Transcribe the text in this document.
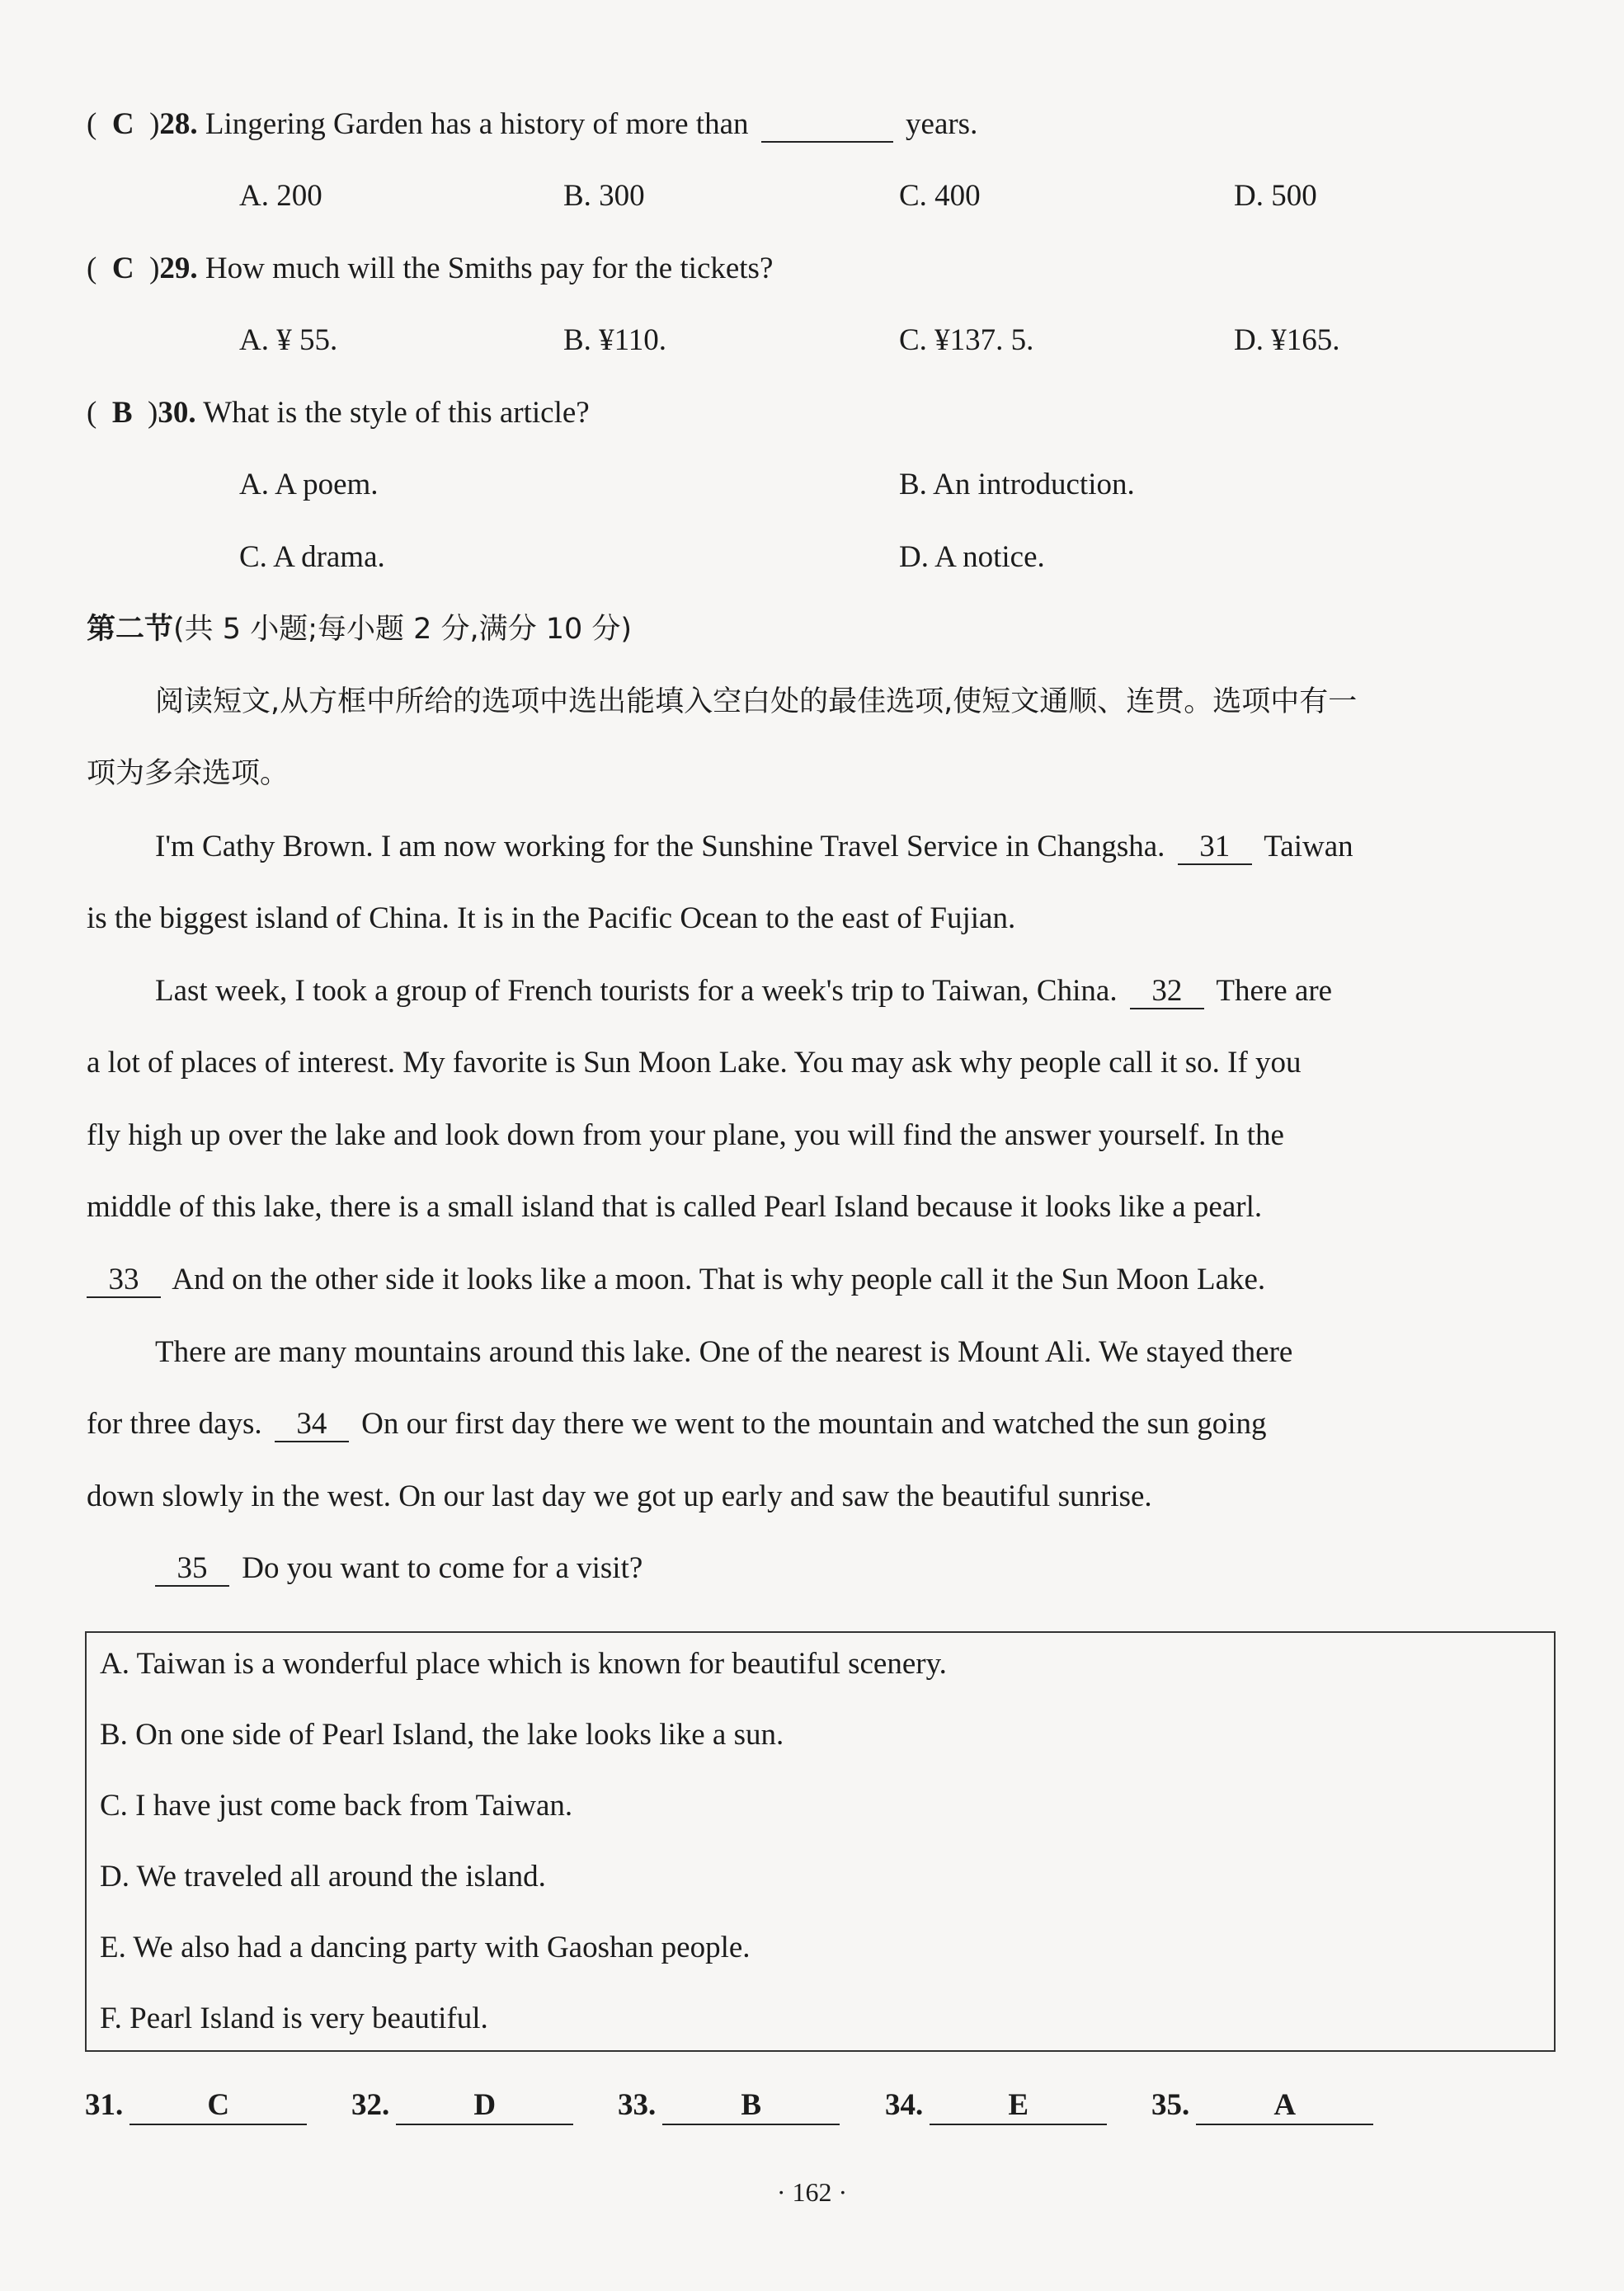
(  C  )28. Lingering Garden has a history of more than	years.
A. 200	B. 300	C. 400	D. 500
(  C  )29. How much will the Smiths pay for the tickets?
A. ¥ 55.	B. ¥110.	C. ¥137. 5.	D. ¥165.
(  B  )30. What is the style of this article?
A. A poem.	B. An introduction.
C. A drama.	D. A notice.
第二节(共 5 小题;每小题 2 分,满分 10 分)
阅读短文,从方框中所给的选项中选出能填入空白处的最佳选项,使短文通顺、连贯。选项中有一
项为多余选项。
I'm Cathy Brown. I am now working for the Sunshine Travel Service in Changsha. 31 Taiwan
is the biggest island of China. It is in the Pacific Ocean to the east of Fujian.
Last week, I took a group of French tourists for a week's trip to Taiwan, China. 32 There are
a lot of places of interest. My favorite is Sun Moon Lake. You may ask why people call it so. If you
fly high up over the lake and look down from your plane, you will find the answer yourself. In the
middle of this lake, there is a small island that is called Pearl Island because it looks like a pearl.
33 And on the other side it looks like a moon. That is why people call it the Sun Moon Lake.
There are many mountains around this lake. One of the nearest is Mount Ali. We stayed there
for three days. 34 On our first day there we went to the mountain and watched the sun going
down slowly in the west. On our last day we got up early and saw the beautiful sunrise.
35 Do you want to come for a visit?
A. Taiwan is a wonderful place which is known for beautiful scenery.
B. On one side of Pearl Island, the lake looks like a sun.
C. I have just come back from Taiwan.
D. We traveled all around the island.
E. We also had a dancing party with Gaoshan people.
F. Pearl Island is very beautiful.
31.	C	32.	D	33.	B	34.	E	35.	A
· 162 ·
